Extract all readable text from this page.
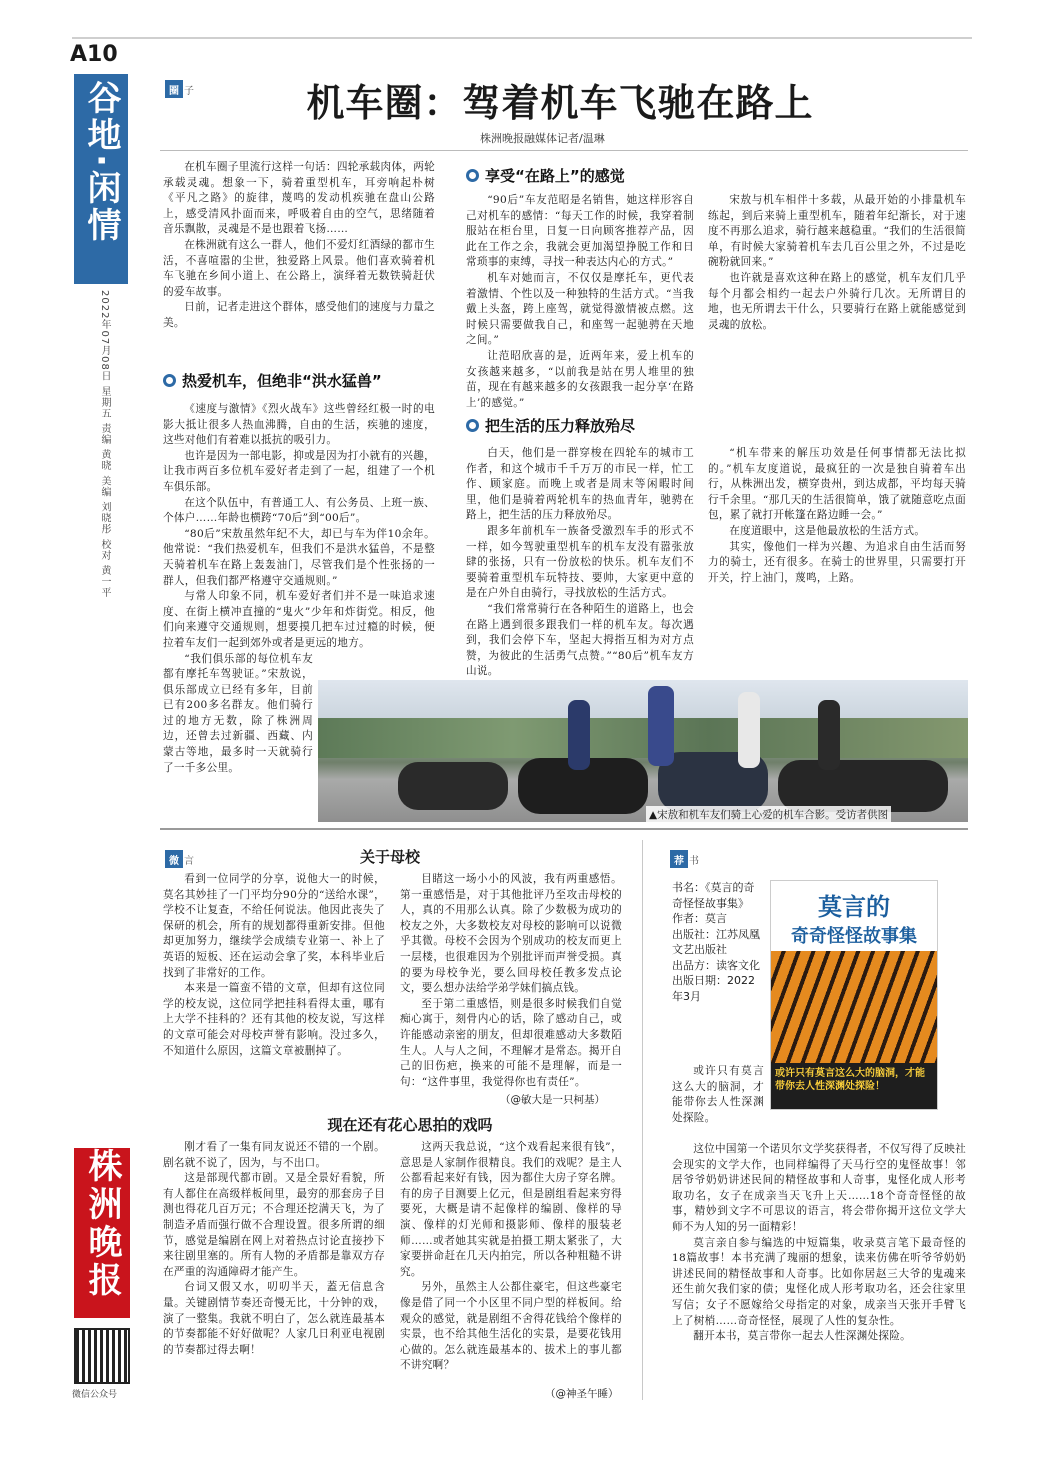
A10
谷地·闲情
2022年07月08日 星期五 责编 黄晓 美编 刘晓彤 校对 黄一平
株洲晚报
微信公众号
圈 子	机车圈：驾着机车飞驰在路上
株洲晚报融媒体记者/温琳

在机车圈子里流行这样一句话：四轮承载肉体，两轮承载灵魂。想象一下，骑着重型机车，耳旁响起朴树《平凡之路》的旋律，蔑鸣的发动机疾驰在盘山公路上，感受清风扑面而来，呼吸着自由的空气，思绪随着音乐飘散，灵魂是不是也跟着飞扬……

在株洲就有这么一群人，他们不爱灯红酒绿的都市生活，不喜喧嚣的尘世，独爱路上风景。他们喜欢骑着机车飞驰在乡间小道上、在公路上，演绎着无数铁骑赶伏的爱车故事。

日前，记者走进这个群体，感受他们的速度与力量之美。

热爱机车，但绝非“洪水猛兽”

《速度与激情》《烈火战车》这些曾经红极一时的电影大抵让很多人热血沸腾，自由的生活，疾驰的速度，这些对他们有着难以抵抗的吸引力。

也许是因为一部电影，抑或是因为打小就有的兴趣，让我市两百多位机车爱好者走到了一起，组建了一个机车俱乐部。

在这个队伍中，有普通工人、有公务员、上班一族、个体户……年龄也横跨“70后”到“00后”。

“80后”宋敖虽然年纪不大，却已与车为伴10余年。他常说：“我们热爱机车，但我们不是洪水猛兽，不是整天骑着机车在路上轰轰油门，尽管我们是个性张扬的一群人，但我们都严格遵守交通规则。”

与常人印象不同，机车爱好者们并不是一味追求速度、在街上横冲直撞的“鬼火”少年和炸街党。相反，他们向来遵守交通规则，想要摸几把车过过瘾的时候，便拉着车友们一起到郊外或者是更远的地方。

“我们俱乐部的每位机车友都有摩托车驾驶证。”宋敖说，俱乐部成立已经有多年，目前已有200多名群友。他们骑行过的地方无数，除了株洲周边，还曾去过新疆、西藏、内蒙古等地，最多时一天就骑行了一千多公里。

享受“在路上”的感觉

“90后”车友范昭是名销售，她这样形容自己对机车的感情：“每天工作的时候，我穿着制服站在柜台里，日复一日向顾客推荐产品，因此在工作之余，我就会更加渴望挣脱工作和日常琐事的束缚，寻找一种表达内心的方式。”

机车对她而言，不仅仅是摩托车，更代表着激情、个性以及一种独特的生活方式。“当我戴上头盔，跨上座驾，就觉得激情被点燃。这时候只需要做我自己，和座驾一起驰骋在天地之间。”

让范昭欣喜的是，近两年来，爱上机车的女孩越来越多，“以前我是站在男人堆里的独苗，现在有越来越多的女孩跟我一起分享‘在路上’的感觉。”

把生活的压力释放殆尽

白天，他们是一群穿梭在四轮车的城市工作者，和这个城市千千万万的市民一样，忙工作、顾家庭。而晚上或者是周末等闲暇时间里，他们是骑着两轮机车的热血青年，驰骋在路上，把生活的压力释放殆尽。

跟多年前机车一族备受激烈车手的形式不一样，如今驾驶重型机车的机车友没有嚣张放肆的张扬，只有一份放松的快乐。机车友们不要骑着重型机车玩特技、要帅，大家更中意的是在户外自由骑行，寻找放松的生活方式。

“我们常常骑行在各种陌生的道路上，也会在路上遇到很多跟我们一样的机车友。每次遇到，我们会停下车，坚起大拇指互相为对方点赞，为彼此的生活勇气点赞。”“80后”机车友方山说。

宋敖与机车相伴十多载，从最开始的小排量机车练起，到后来骑上重型机车，随着年纪渐长，对于速度不再那么追求，骑行越来越稳重。“我们的生活很简单，有时候大家骑着机车去几百公里之外，不过是吃碗粉就回来。”

也许就是喜欢这种在路上的感觉，机车友们几乎每个月都会相约一起去户外骑行几次。无所谓目的地，也无所谓去干什么，只要骑行在路上就能感觉到灵魂的放松。

“机车带来的解压功效是任何事情都无法比拟的。”机车友度道说，最疯狂的一次是独自骑着车出行，从株洲出发，横穿贵州，到达成都，平均每天骑行千余里。“那几天的生活很简单，饿了就随意吃点面包，累了就打开帐篷在路边睡一会。”

在度道眼中，这是他最放松的生活方式。

其实，像他们一样为兴趣、为追求自由生活而努力的骑士，还有很多。在骑士的世界里，只需要打开开关，拧上油门，蔑鸣，上路。

▲宋敖和机车友们骑上心爱的机车合影。受访者供图
微 言	关于母校

看到一位同学的分享，说他大一的时候，莫名其妙挂了一门平均分90分的“送给水课”，学校不让复查，不给任何说法。他因此丧失了保研的机会，所有的规划都得重新安排。但他却更加努力，继续学会成绩专业第一、补上了英语的短板、还在运动会拿了奖，本科毕业后找到了非常好的工作。

本来是一篇蛮不错的文章，但却有这位同学的校友说，这位同学把挂科看得太重，哪有上大学不挂科的？还有其他的校友说，写这样的文章可能会对母校声誉有影响。没过多久，不知道什么原因，这篇文章被删掉了。

目睹这一场小小的风波，我有两重感悟。第一重感悟是，对于其他批评乃至攻击母校的人，真的不用那么认真。除了少数极为成功的校友之外，大多数校友对母校的影响可以说微乎其微。母校不会因为个别成功的校友而更上一层楼，也很难因为个别批评而声誉受损。真的要为母校争光，要么回母校任教多发点论文，要么想办法给学弟学妹们搞点钱。

至于第二重感悟，则是很多时候我们自觉痴心寓于，刻骨内心的话，除了感动自己，或许能感动亲密的朋友，但却很难感动大多数陌生人。人与人之间，不理解才是常态。揭开自己的旧伤疤，换来的可能不是理解，而是一句：“这件事里，我觉得你也有责任”。

（@敏大是一只柯基）
现在还有花心思拍的戏吗

刚才看了一集有同友说还不错的一个剧。剧名就不说了，因为，与不出口。

这是部现代都市剧。又是全景好看貌，所有人都住在高级样板间里，最穷的那套房子目测也得花几百万元；不合理还挖满天飞，为了制造矛盾而强行做不合理设置。很多所谓的细节，感觉是编剧在网上对着热点讨论直接抄下来往剧里塞的。所有人物的矛盾都是靠双方存在严重的沟通障碍才能产生。

台词又假又水，叨叨半天，蓋无信息含量。关键剧情节奏还奇慢无比，十分钟的戏，演了一整集。我就不明白了，怎么就连最基本的节奏都能不好好做呢？人家几日利亚电视剧的节奏都过得去啊！

这两天我总说，“这个戏看起来很有钱”，意思是人家制作很精良。我们的戏呢？是主人公都看起来好有钱，因为都住大房子穿名牌。有的房子目测要上亿元，但是剧组看起来穷得要死，大概是请不起像样的编剧、像样的导演、像样的灯光师和摄影师、像样的服装老师……或者她其实就是拍摄工期太紧张了，大家要拼命赶在几天内拍完，所以各种粗糙不讲究。

另外，虽然主人公都住豪宅，但这些豪宅像是借了同一个小区里不同户型的样板间。给观众的感觉，就是剧组不舍得花钱给个像样的实景，也不给其他生活化的实景，是要花钱用心做的。怎么就连最基本的、拔术上的事儿都不讲究啊？

（@神圣午睡）
荐 书
书名：《莫言的奇奇怪怪故事集》
作者：莫言
出版社：江苏凤凰文艺出版社
出品方：读客文化
出版日期：2022年3月
莫言的
奇奇怪怪故事集
或许只有莫言这么大的脑洞，才能带你去人性深渊处探险！

或许只有莫言这么大的脑洞，才能带你去人性深渊处探险。

这位中国第一个诺贝尔文学奖获得者，不仅写得了反映社会现实的文学大作，也同样编得了天马行空的鬼怪故事！邻居爷爷奶奶讲述民间的精怪故事和人奇事，鬼怪化成人形考取功名，女子在成亲当天飞升上天……18个奇奇怪怪的故事，精妙到文字不可思议的语言，将会带你揭开这位文学大师不为人知的另一面精彩！

莫言亲自参与编选的中短篇集，收录莫言笔下最奇怪的18篇故事！本书充满了瑰丽的想象，读来仿佛在听爷爷奶奶讲述民间的精怪故事和人奇事。比如你居赵三大爷的鬼魂来还生前欠我们家的债；鬼怪化成人形考取功名，还会往家里写信；女子不愿嫁给父母指定的对象，成亲当天张开手臂飞上了树梢……奇奇怪怪，展现了人性的复杂性。

翻开本书，莫言带你一起去人性深渊处探险。
